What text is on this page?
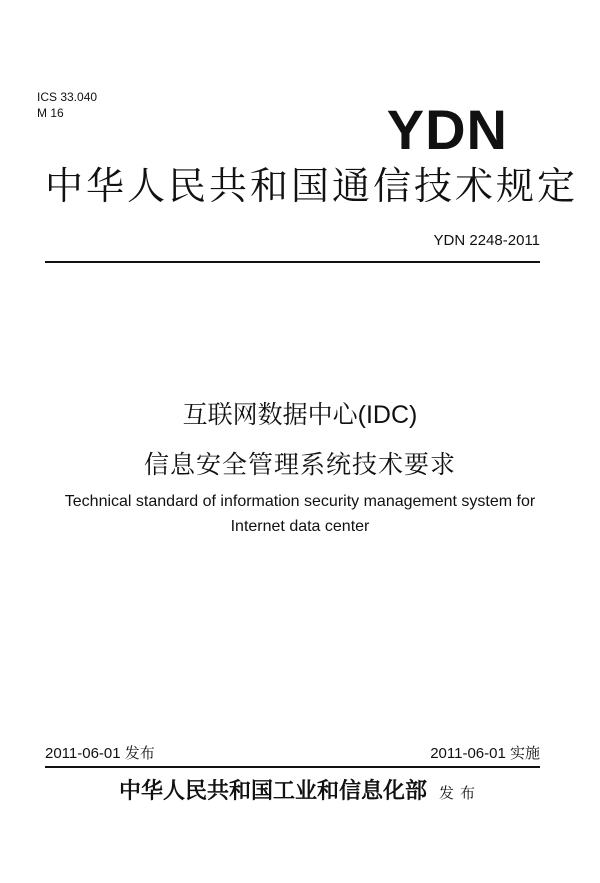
ICS 33.040
M 16	YDN
中华人民共和国通信技术规定
YDN 2248-2011
互联网数据中心(IDC)
信息安全管理系统技术要求
Technical standard of information security management system for
Internet data center
2011-06-01 发布	2011-06-01 实施
中华人民共和国工业和信息化部 发布
